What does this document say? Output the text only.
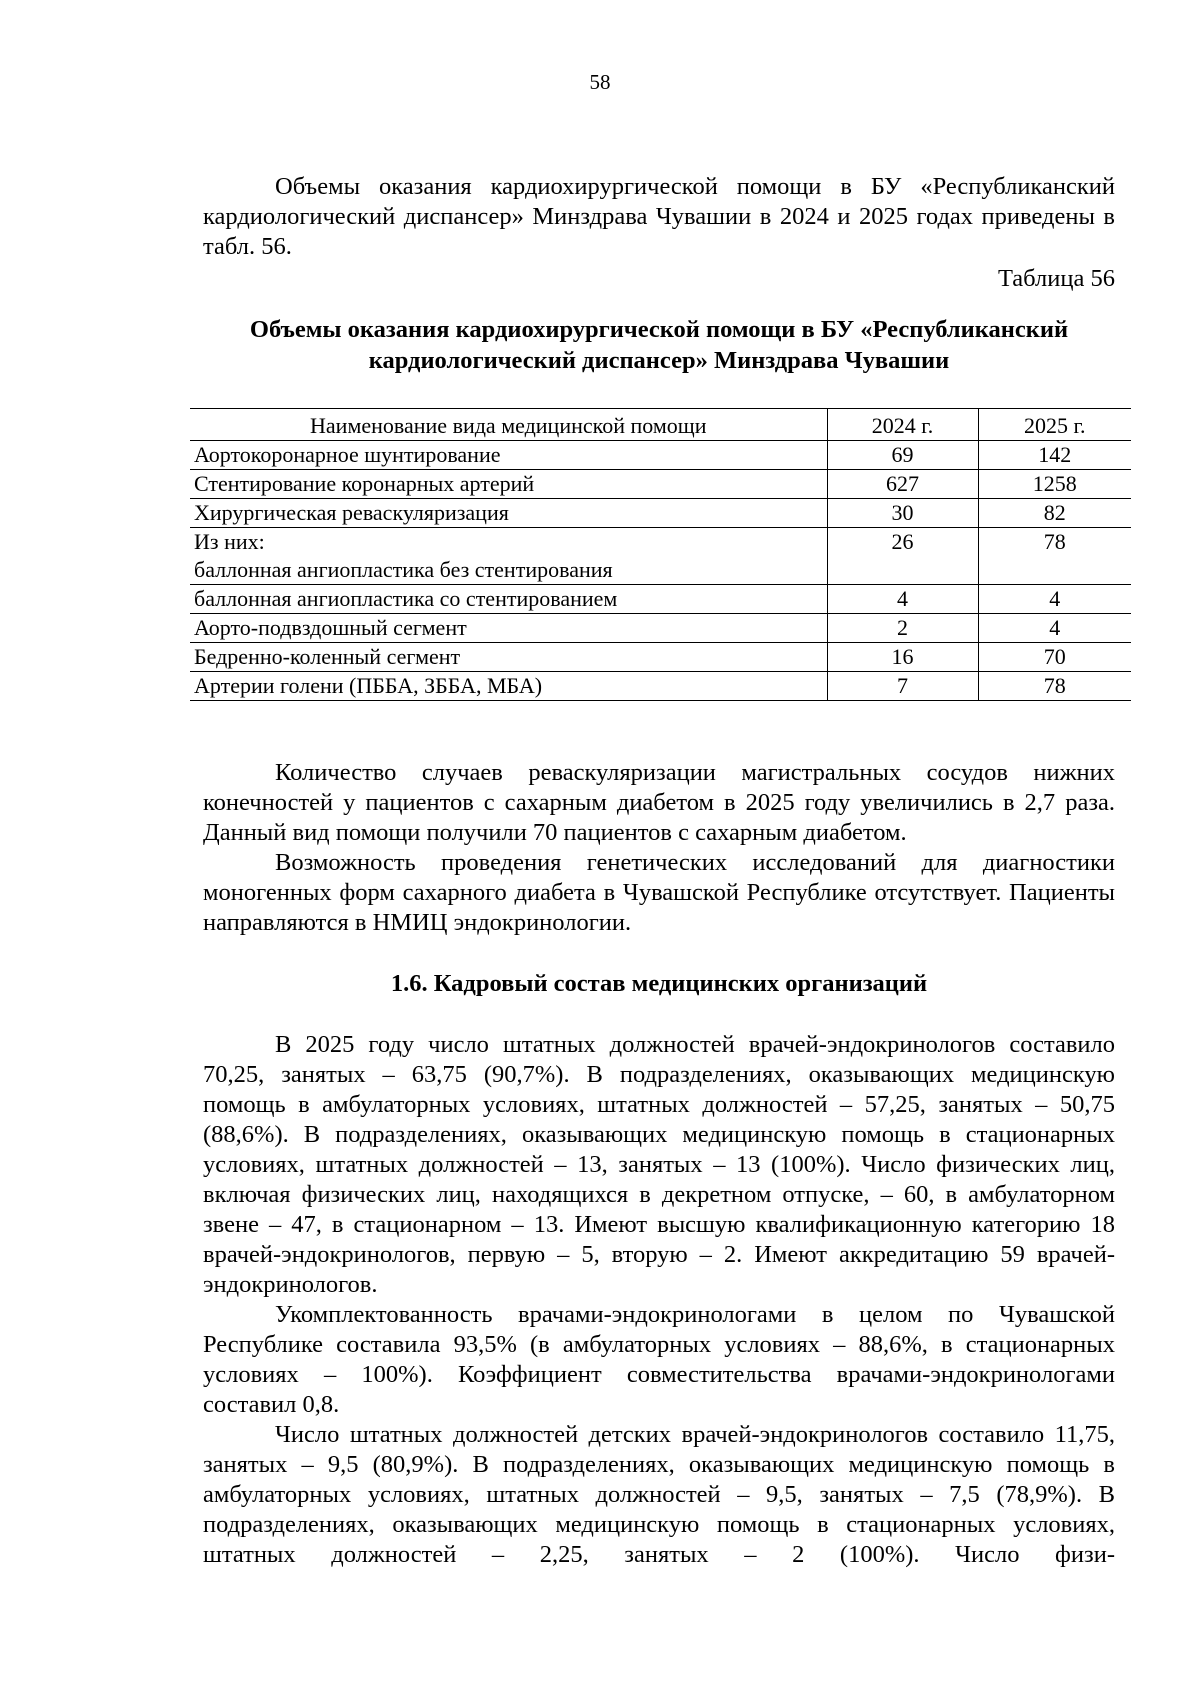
58

Объемы оказания кардиохирургической помощи в БУ «Республиканский кардиологический диспансер» Минздрава Чувашии в 2024 и 2025 годах приведены в табл. 56.

Таблица 56
Объемы оказания кардиохирургической помощи в БУ «Республиканский
кардиологический диспансер» Минздрава Чувашии
Наименование вида медицинской помощи	2024 г.	2025 г.
Аортокоронарное шунтирование	69	142
Стентирование коронарных артерий	627	1258
Хирургическая реваскуляризация	30	82

Из них:
баллонная ангиопластика без стентирования	26	78
баллонная ангиопластика со стентированием	4	4
Аорто-подвздошный сегмент	2	4
Бедренно-коленный сегмент	16	70
Артерии голени (ПББА, ЗББА, МБА)	7	78

Количество случаев реваскуляризации магистральных сосудов нижних конечностей у пациентов с сахарным диабетом в 2025 году увеличились в 2,7 раза. Данный вид помощи получили 70 пациентов с сахарным диабетом.

Возможность проведения генетических исследований для диагностики моногенных форм сахарного диабета в Чувашской Республике отсутствует. Пациенты направляются в НМИЦ эндокринологии.

1.6. Кадровый состав медицинских организаций

В 2025 году число штатных должностей врачей-эндокринологов составило 70,25, занятых – 63,75 (90,7%). В подразделениях, оказывающих медицинскую помощь в амбулаторных условиях, штатных должностей – 57,25, занятых – 50,75 (88,6%). В подразделениях, оказывающих медицинскую помощь в стационарных условиях, штатных должностей – 13, занятых – 13 (100%). Число физических лиц, включая физических лиц, находящихся в декретном отпуске, – 60, в амбулаторном звене – 47, в стационарном – 13. Имеют высшую квалификационную категорию 18 врачей-эндокринологов, первую – 5, вторую – 2. Имеют аккредитацию 59 врачей-эндокринологов.

Укомплектованность врачами-эндокринологами в целом по Чувашской Республике составила 93,5% (в амбулаторных условиях – 88,6%, в стационарных условиях – 100%). Коэффициент совместительства врачами-эндокринологами составил 0,8.

Число штатных должностей детских врачей-эндокринологов составило 11,75, занятых – 9,5 (80,9%). В подразделениях, оказывающих медицинскую помощь в амбулаторных условиях, штатных должностей – 9,5, занятых – 7,5 (78,9%). В подразделениях, оказывающих медицинскую помощь в стационарных условиях, штатных должностей – 2,25, занятых – 2 (100%). Число физи-
